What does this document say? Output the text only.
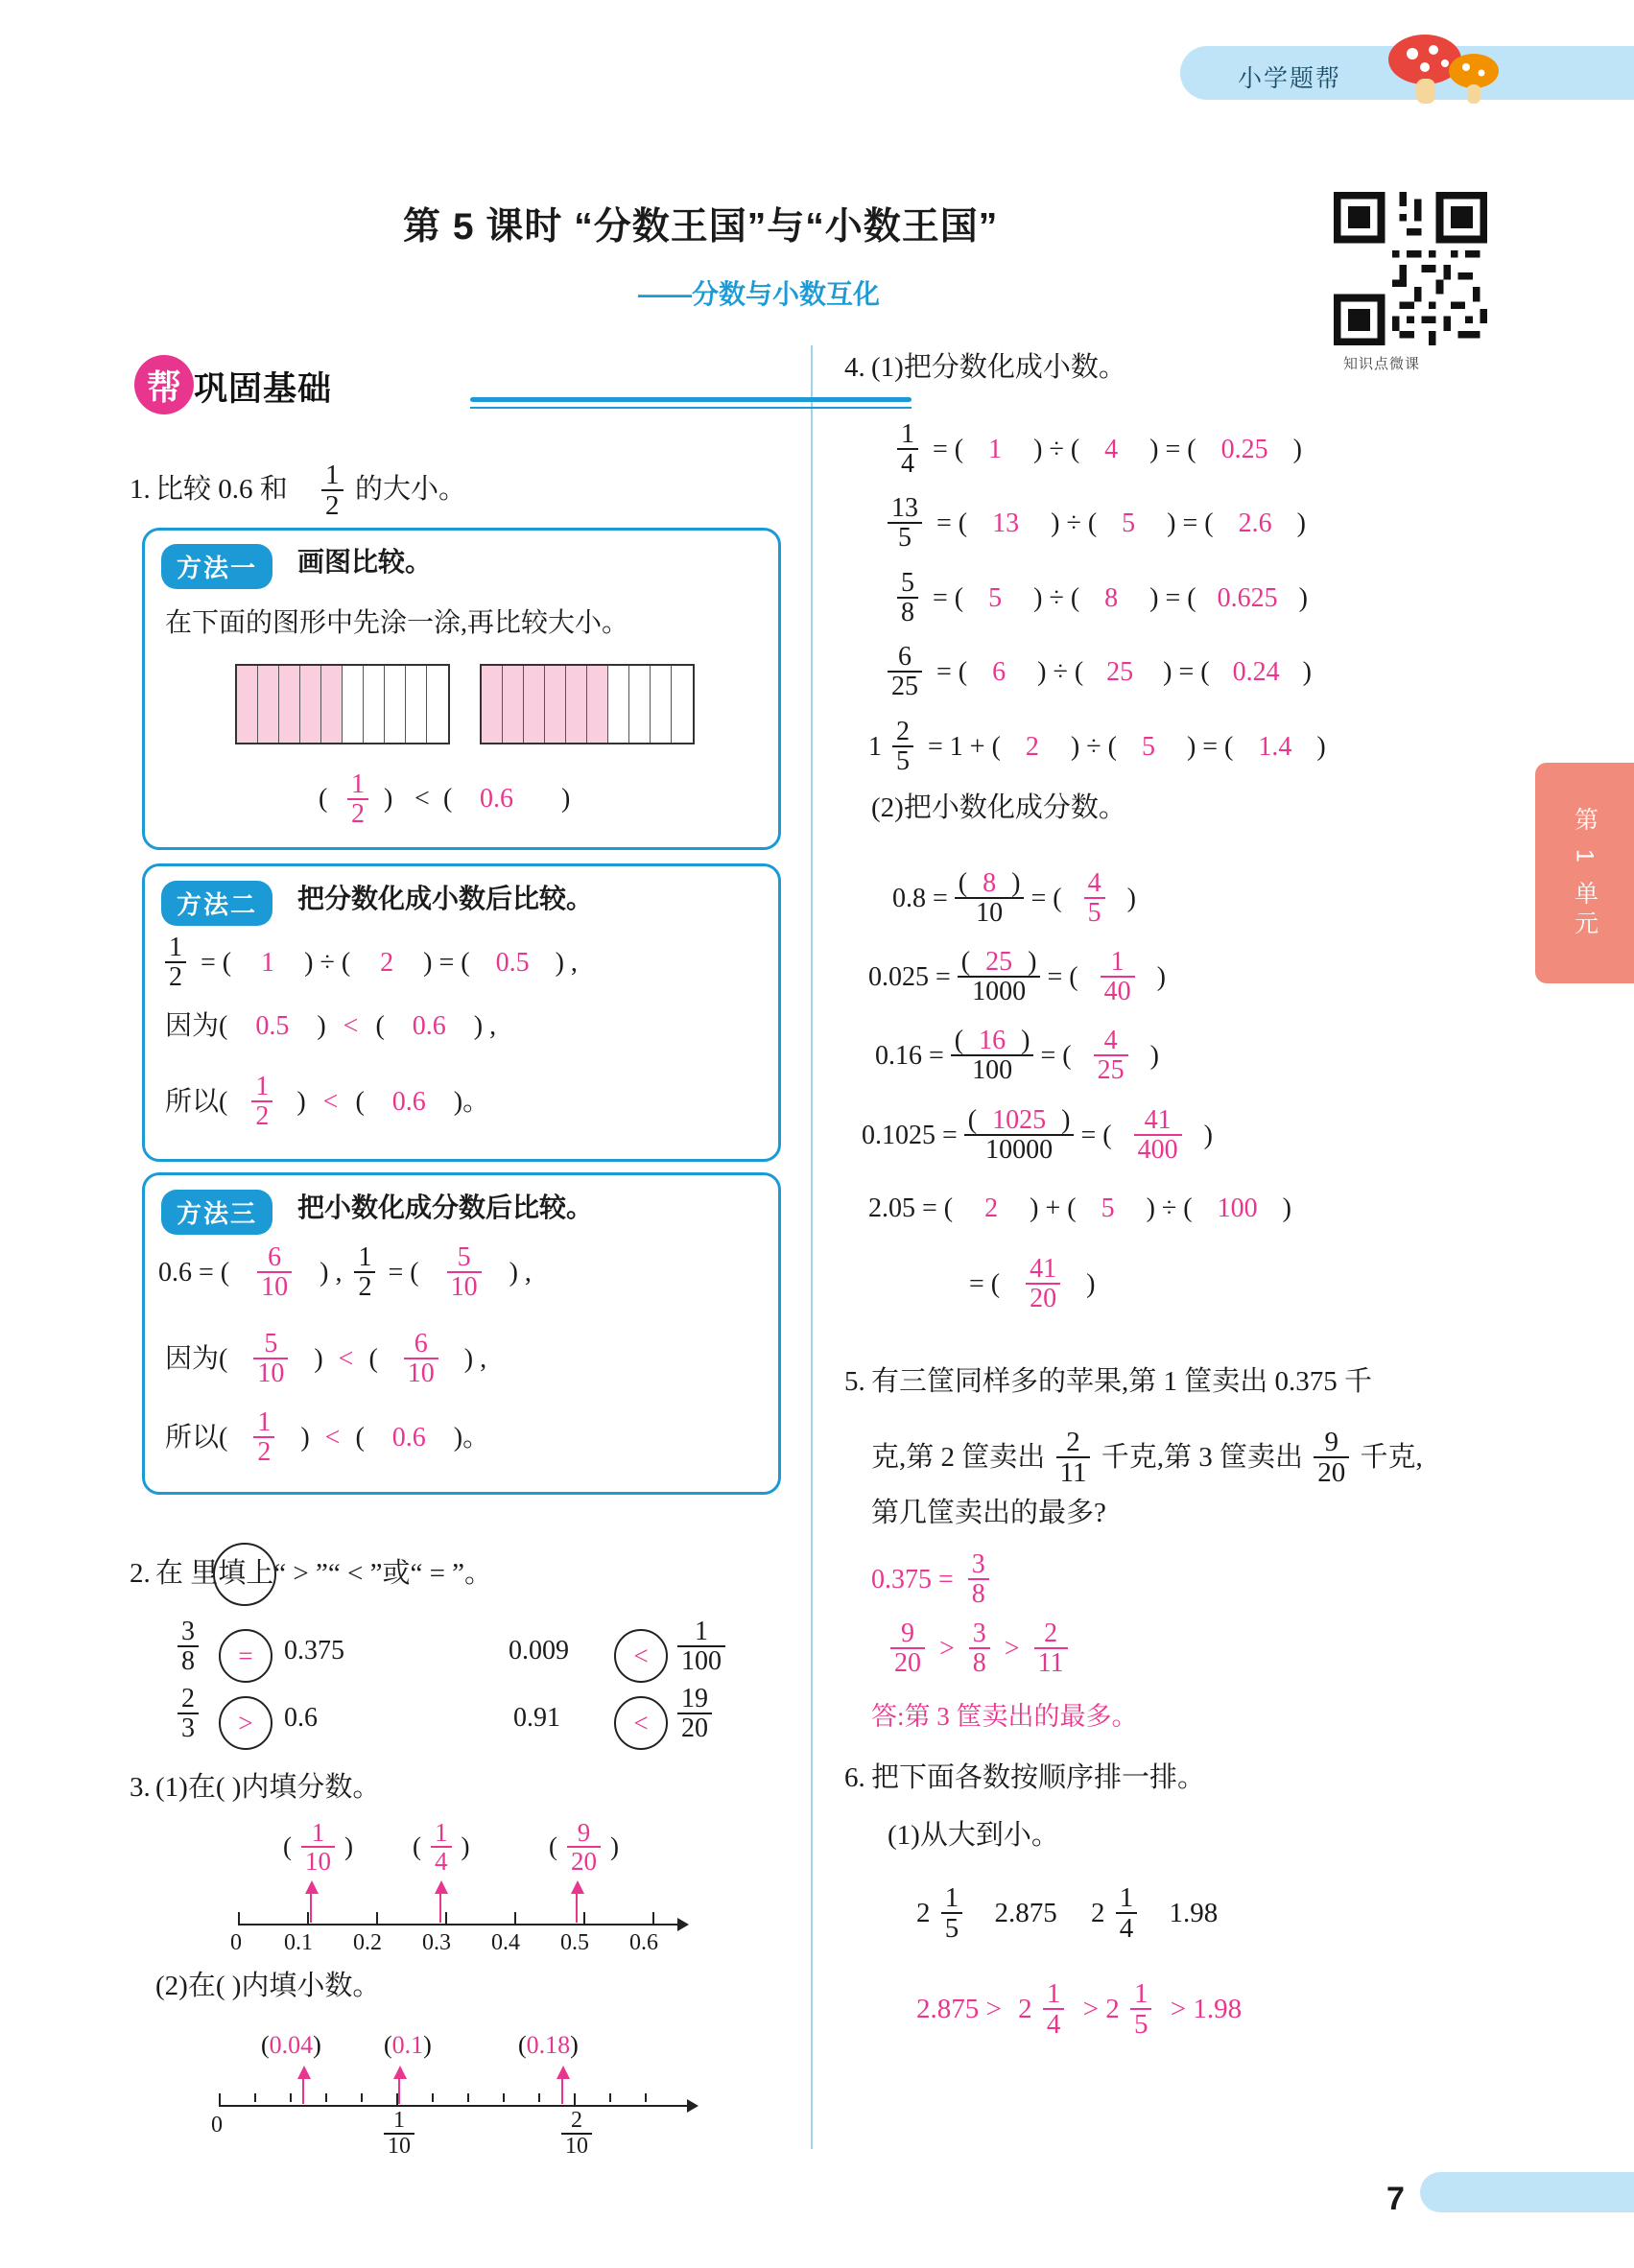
小学题帮
第 5 课时 “分数王国”与“小数王国”
——分数与小数互化
知识点微课
第 1 单元
帮 巩固基础
1. 比较 0.6 和 $\frac{1}{2}$ 的大小。
方法一	画图比较。
在下面的图形中先涂一涂,再比较大小。
( $\frac{1}{2}$ ) < ( 0.6 )
方法二	把分数化成小数后比较。
$\frac{1}{2}$ = ( 1 ) ÷ ( 2 ) = ( 0.5 ) ,
因为( 0.5 ) < ( 0.6 ) ,
所以( $\frac{1}{2}$ ) < ( 0.6 )。
方法三	把小数化成分数后比较。
0.6 = ( $\frac{6}{10}$ ) , $\frac{1}{2}$ = ( $\frac{5}{10}$ ) ,
因为( $\frac{5}{10}$ ) < ( $\frac{6}{10}$ ) ,
所以( $\frac{1}{2}$ ) < ( 0.6 )。
2. 在 里填上“ > ”“ < ”或“ = ”。
$\frac{3}{8}$	=	0.375	0.009	<	$\frac{1}{100}$
$\frac{2}{3}$	>	0.6	0.91	<	$\frac{19}{20}$
3. (1)在( )内填分数。
( $\frac{1}{10}$ ) ( $\frac{1}{4}$ )	( $\frac{9}{20}$ )
0 0.1 0.2 0.3 0.4 0.5 0.6
(2)在( )内填小数。
(0.04)	(0.1)	(0.18)
0	$\frac{1}{10}$	$\frac{2}{10}$
4. (1)把分数化成小数。
$\frac{1}{4}$ = ( 1 ) ÷ ( 4 ) = ( 0.25 )
$\frac{13}{5}$ = ( 13 ) ÷ ( 5 ) = ( 2.6 )
$\frac{5}{8}$ = ( 5 ) ÷ ( 8 ) = ( 0.625 )
$\frac{6}{25}$ = ( 6 ) ÷ ( 25 ) = ( 0.24 )
$1 \frac{2}{5} = 1$ + ( 2 ) ÷ ( 5 ) = ( 1.4 )
(2)把小数化成分数。
$0.8 = \frac{( 8 )}{10}$ = ( $\frac{4}{5}$ )
$0.025 = \frac{( 25 )}{1000}$ = ( $\frac{1}{40}$ )
$0.16 = \frac{( 16 )}{100}$ = ( $\frac{4}{25}$ )
$0.1025 = \frac{( 1025 )}{10000}$ = ( $\frac{41}{400}$ )
2.05 = ( 2 ) + ( 5 ) ÷ ( 100 )
= ( $\frac{41}{20}$ )
5. 有三筐同样多的苹果,第 1 筐卖出 0.375 千
克,第 2 筐卖出 $\frac{2}{11}$ 千克,第 3 筐卖出 $\frac{9}{20}$ 千克,
第几筐卖出的最多?
$0.375 = \frac{3}{8}$
$\frac{9}{20} > \frac{3}{8} > \frac{2}{11}$
答:第 3 筐卖出的最多。
6. 把下面各数按顺序排一排。
(1)从大到小。
$2 \frac{1}{5} 2.875$ $2 \frac{1}{4} 1.98$
$2.875 > 2 \frac{1}{4} > 2 \frac{1}{5} > 1.98$
7
